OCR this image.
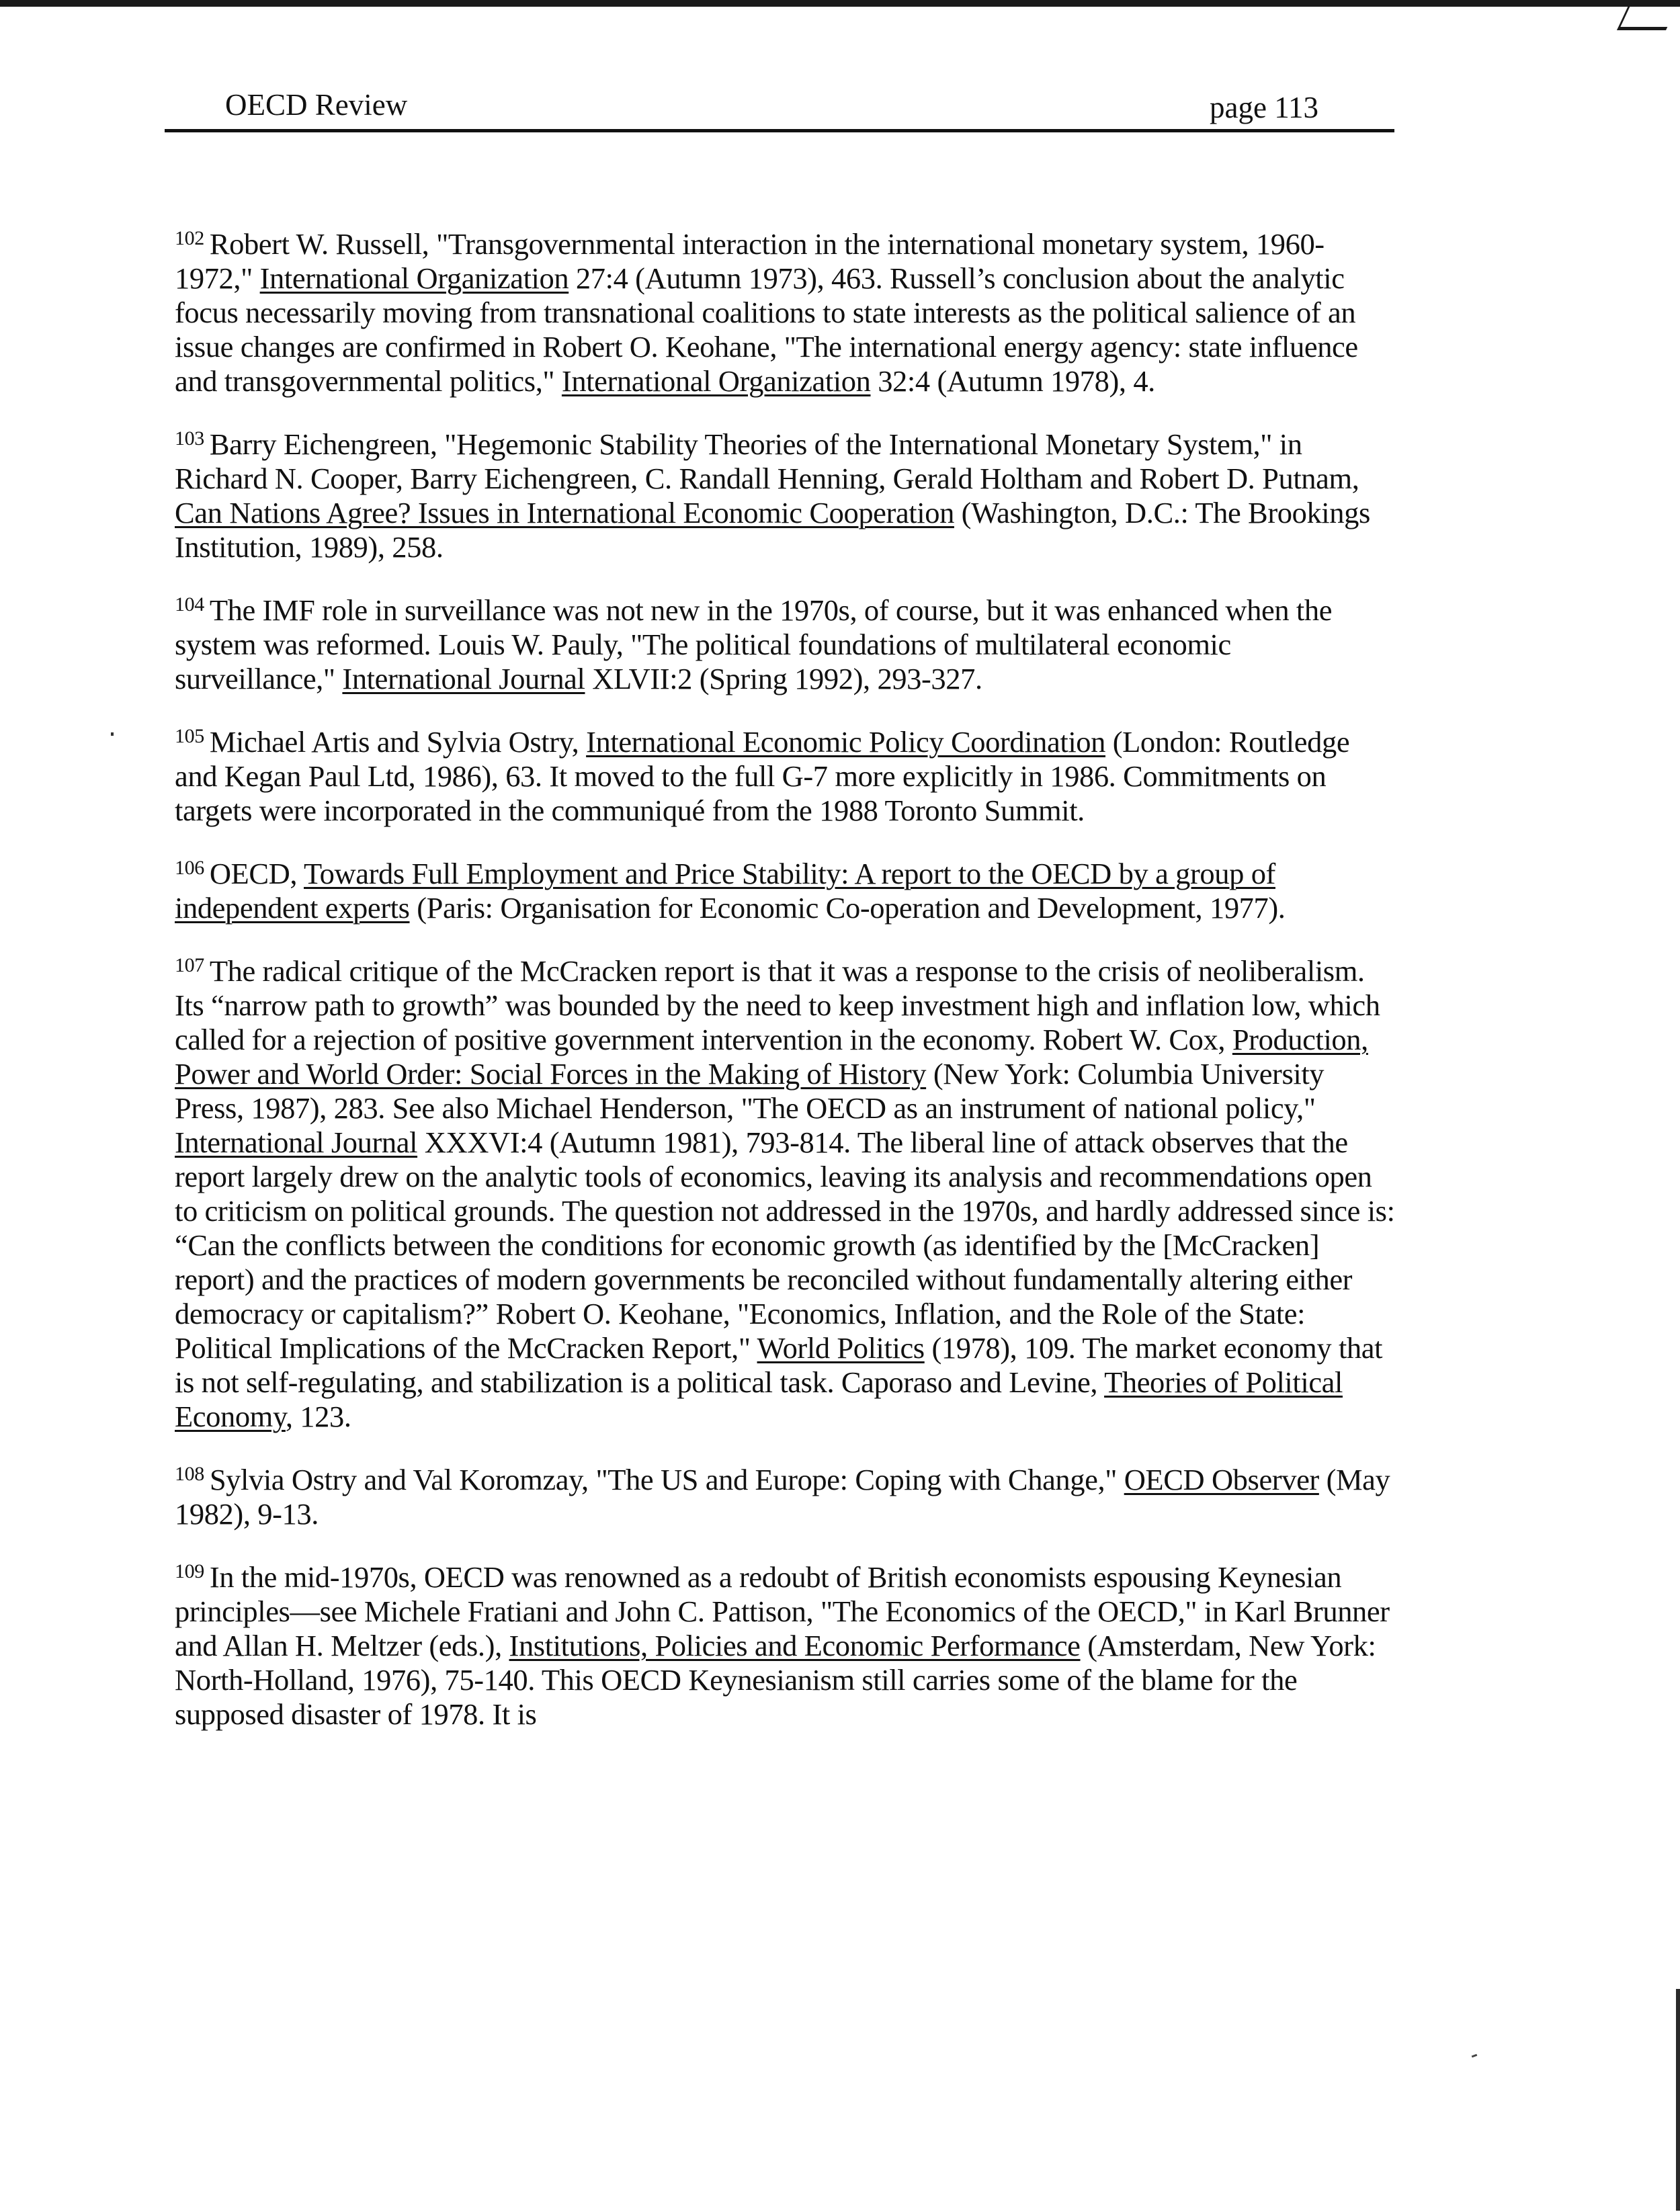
OECD Review	page 113

$^{102}$ Robert W. Russell, "Transgovernmental interaction in the international monetary system, 1960-1972," International Organization 27:4 (Autumn 1973), 463. Russell’s conclusion about the analytic focus necessarily moving from transnational coalitions to state interests as the political salience of an issue changes are confirmed in Robert O. Keohane, "The international energy agency: state influence and transgovernmental politics," International Organization 32:4 (Autumn 1978), 4.

$^{103}$ Barry Eichengreen, "Hegemonic Stability Theories of the International Monetary System," in Richard N. Cooper, Barry Eichengreen, C. Randall Henning, Gerald Holtham and Robert D. Putnam, Can Nations Agree? Issues in International Economic Cooperation (Washington, D.C.: The Brookings Institution, 1989), 258.

$^{104}$ The IMF role in surveillance was not new in the 1970s, of course, but it was enhanced when the system was reformed. Louis W. Pauly, "The political foundations of multilateral economic surveillance," International Journal XLVII:2 (Spring 1992), 293-327.

$^{105}$ Michael Artis and Sylvia Ostry, International Economic Policy Coordination (London: Routledge and Kegan Paul Ltd, 1986), 63. It moved to the full G-7 more explicitly in 1986. Commitments on targets were incorporated in the communiqué from the 1988 Toronto Summit.

$^{106}$ OECD, Towards Full Employment and Price Stability: A report to the OECD by a group of independent experts (Paris: Organisation for Economic Co-operation and Development, 1977).

$^{107}$ The radical critique of the McCracken report is that it was a response to the crisis of neoliberalism. Its “narrow path to growth” was bounded by the need to keep investment high and inflation low, which called for a rejection of positive government intervention in the economy. Robert W. Cox, Production, Power and World Order: Social Forces in the Making of History (New York: Columbia University Press, 1987), 283. See also Michael Henderson, "The OECD as an instrument of national policy," International Journal XXXVI:4 (Autumn 1981), 793-814. The liberal line of attack observes that the report largely drew on the analytic tools of economics, leaving its analysis and recommendations open to criticism on political grounds. The question not addressed in the 1970s, and hardly addressed since is: “Can the conflicts between the conditions for economic growth (as identified by the [McCracken] report) and the practices of modern governments be reconciled without fundamentally altering either democracy or capitalism?” Robert O. Keohane, "Economics, Inflation, and the Role of the State: Political Implications of the McCracken Report," World Politics (1978), 109. The market economy that is not self-regulating, and stabilization is a political task. Caporaso and Levine, Theories of Political Economy, 123.

$^{108}$ Sylvia Ostry and Val Koromzay, "The US and Europe: Coping with Change," OECD Observer (May 1982), 9-13.

$^{109}$ In the mid-1970s, OECD was renowned as a redoubt of British economists espousing Keynesian principles—see Michele Fratiani and John C. Pattison, "The Economics of the OECD," in Karl Brunner and Allan H. Meltzer (eds.), Institutions, Policies and Economic Performance (Amsterdam, New York: North-Holland, 1976), 75-140. This OECD Keynesianism still carries some of the blame for the supposed disaster of 1978. It is
